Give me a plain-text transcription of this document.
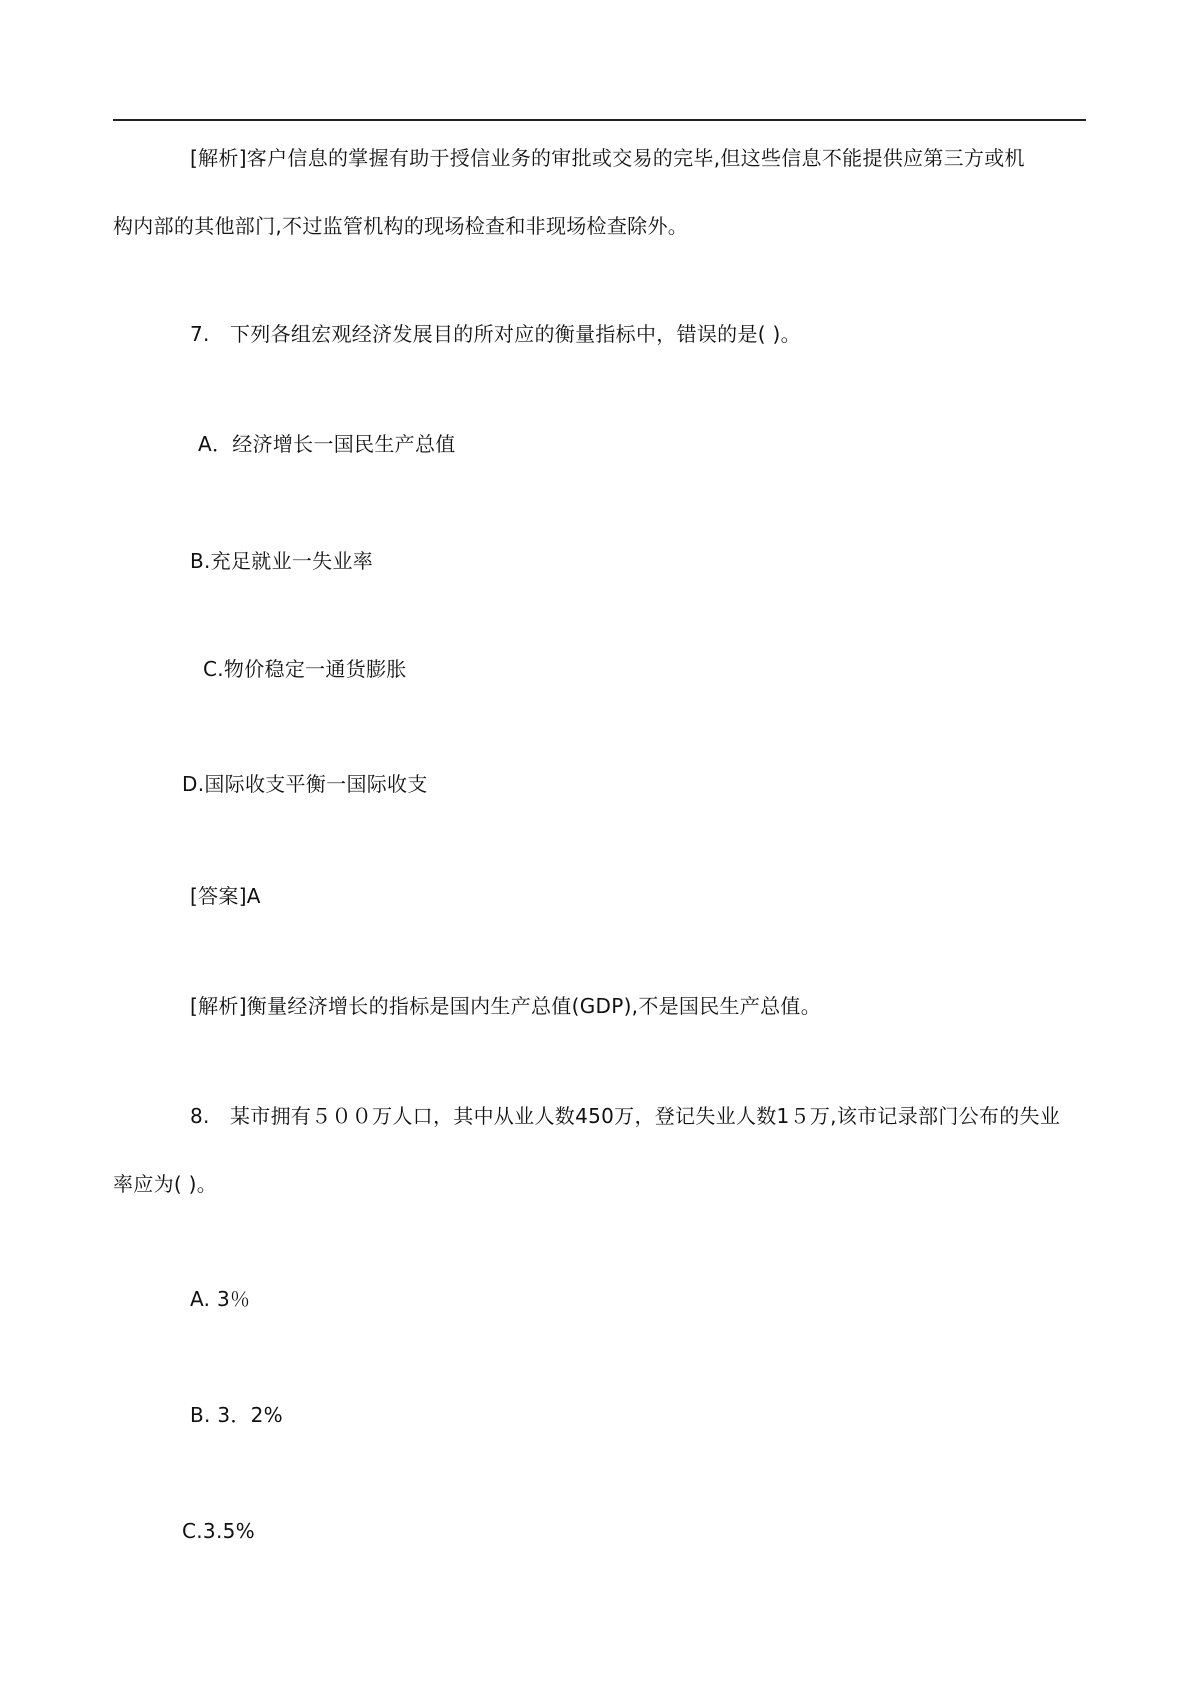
[解析]客户信息的掌握有助于授信业务的审批或交易的完毕,但这些信息不能提供应第三方或机
构内部的其他部门,不过监管机构的现场检查和非现场检查除外。
7.　下列各组宏观经济发展目的所对应的衡量指标中，错误的是( )。
A．经济增长一国民生产总值
B.充足就业一失业率
C.物价稳定一通货膨胀
D.国际收支平衡一国际收支
[答案]A
[解析]衡量经济增长的指标是国内生产总值(GDP),不是国民生产总值。
8.　某市拥有５００万人口，其中从业人数450万，登记失业人数1５万,该市记录部门公布的失业
率应为( )。
A. 3％
B. 3．2%
C.3.5%
